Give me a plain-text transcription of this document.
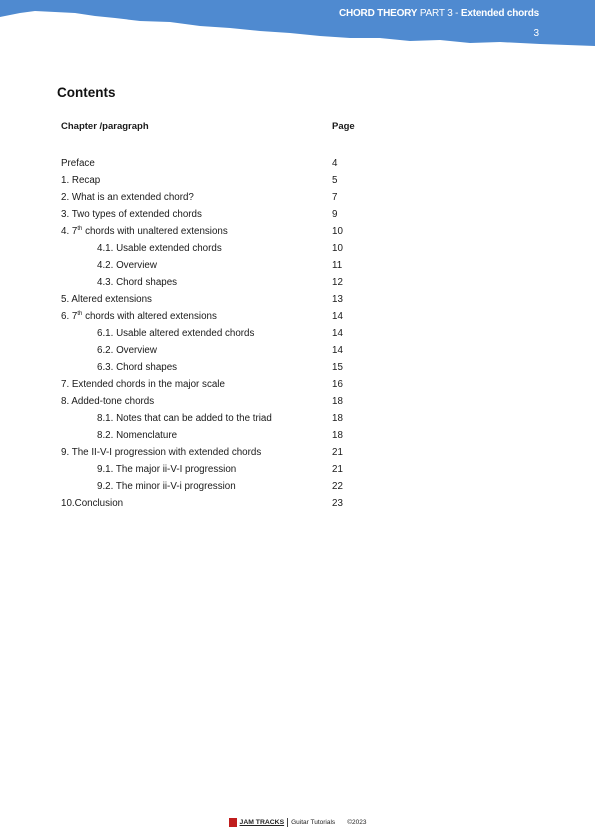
CHORD THEORY PART 3 - Extended chords
3
Contents
Chapter /paragraph	Page
Preface	4
1. Recap	5
2. What is an extended chord?	7
3. Two types of extended chords	9
4. 7th chords with unaltered extensions	10
4.1. Usable extended chords	10
4.2. Overview	11
4.3. Chord shapes	12
5. Altered extensions	13
6. 7th chords with altered extensions	14
6.1. Usable altered extended chords	14
6.2. Overview	14
6.3. Chord shapes	15
7. Extended chords in the major scale	16
8. Added-tone chords	18
8.1. Notes that can be added to the triad	18
8.2. Nomenclature	18
9. The II-V-I progression with extended chords	21
9.1. The major ii-V-I progression	21
9.2. The minor ii-V-i progression	22
10.Conclusion	23
JAM TRACKS Guitar Tutorials ©2023
